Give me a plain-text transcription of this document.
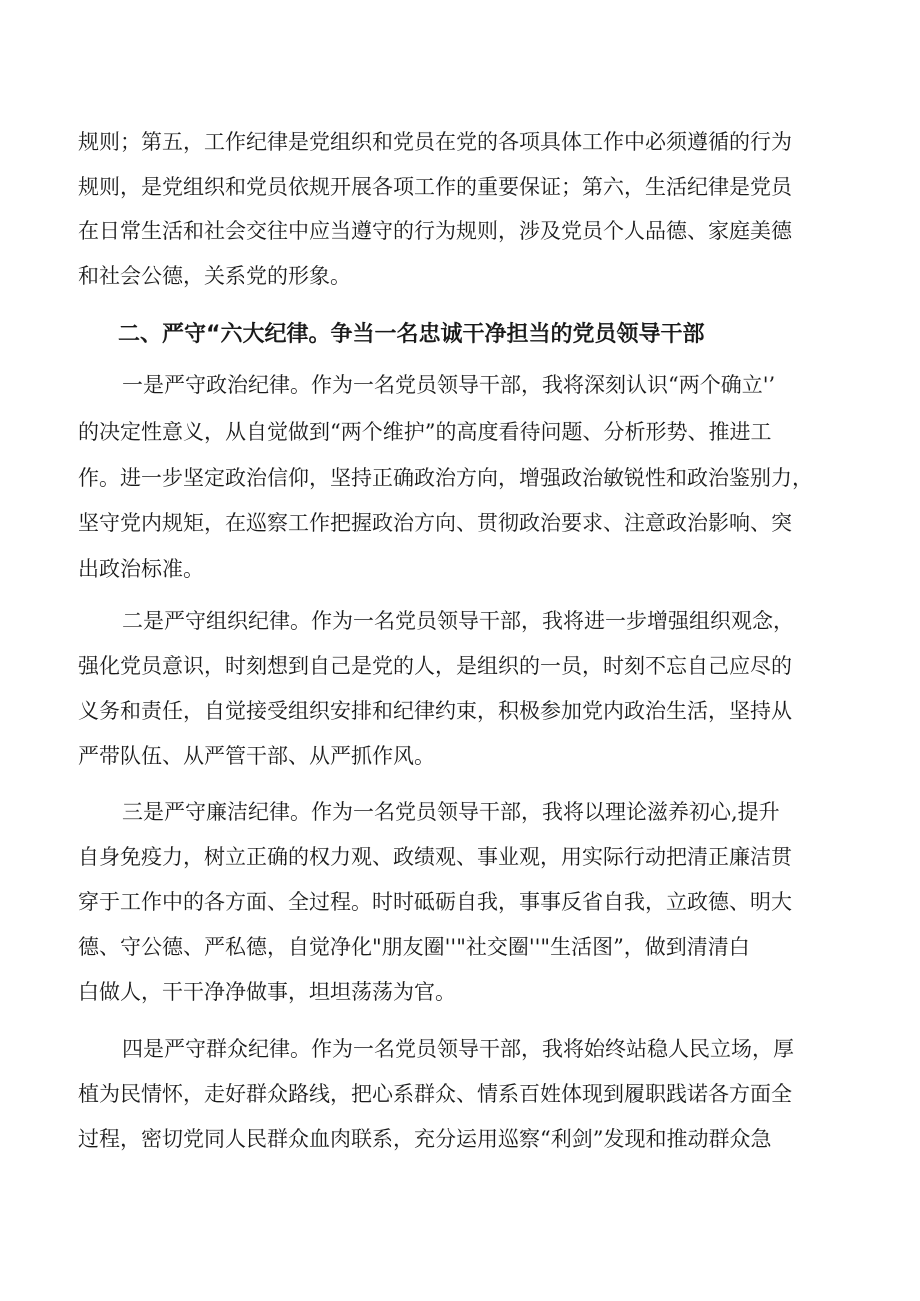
规则；第五，工作纪律是党组织和党员在党的各项具体工作中必须遵循的行为
规则，是党组织和党员依规开展各项工作的重要保证；第六，生活纪律是党员
在日常生活和社会交往中应当遵守的行为规则，涉及党员个人品德、家庭美德
和社会公德，关系党的形象。
二、严守“六大纪律。争当一名忠诚干净担当的党员领导干部
一是严守政治纪律。作为一名党员领导干部，我将深刻认识“两个确立'’
的决定性意义，从自觉做到“两个维护”的高度看待问题、分析形势、推进工
作。进一步坚定政治信仰，坚持正确政治方向，增强政治敏锐性和政治鉴别力，
坚守党内规矩，在巡察工作把握政治方向、贯彻政治要求、注意政治影响、突
出政治标准。
二是严守组织纪律。作为一名党员领导干部，我将进一步增强组织观念，
强化党员意识，时刻想到自己是党的人，是组织的一员，时刻不忘自己应尽的
义务和责任，自觉接受组织安排和纪律约束，积极参加党内政治生活，坚持从
严带队伍、从严管干部、从严抓作风。
三是严守廉洁纪律。作为一名党员领导干部，我将以理论滋养初心,提升
自身免疫力，树立正确的权力观、政绩观、事业观，用实际行动把清正廉洁贯
穿于工作中的各方面、全过程。时时砥砺自我，事事反省自我，立政德、明大
德、守公德、严私德，自觉净化"朋友圈''"社交圈''"生活图”，做到清清白
白做人，干干净净做事，坦坦荡荡为官。
四是严守群众纪律。作为一名党员领导干部，我将始终站稳人民立场，厚
植为民情怀，走好群众路线，把心系群众、情系百姓体现到履职践诺各方面全
过程，密切党同人民群众血肉联系，充分运用巡察“利剑”发现和推动群众急
